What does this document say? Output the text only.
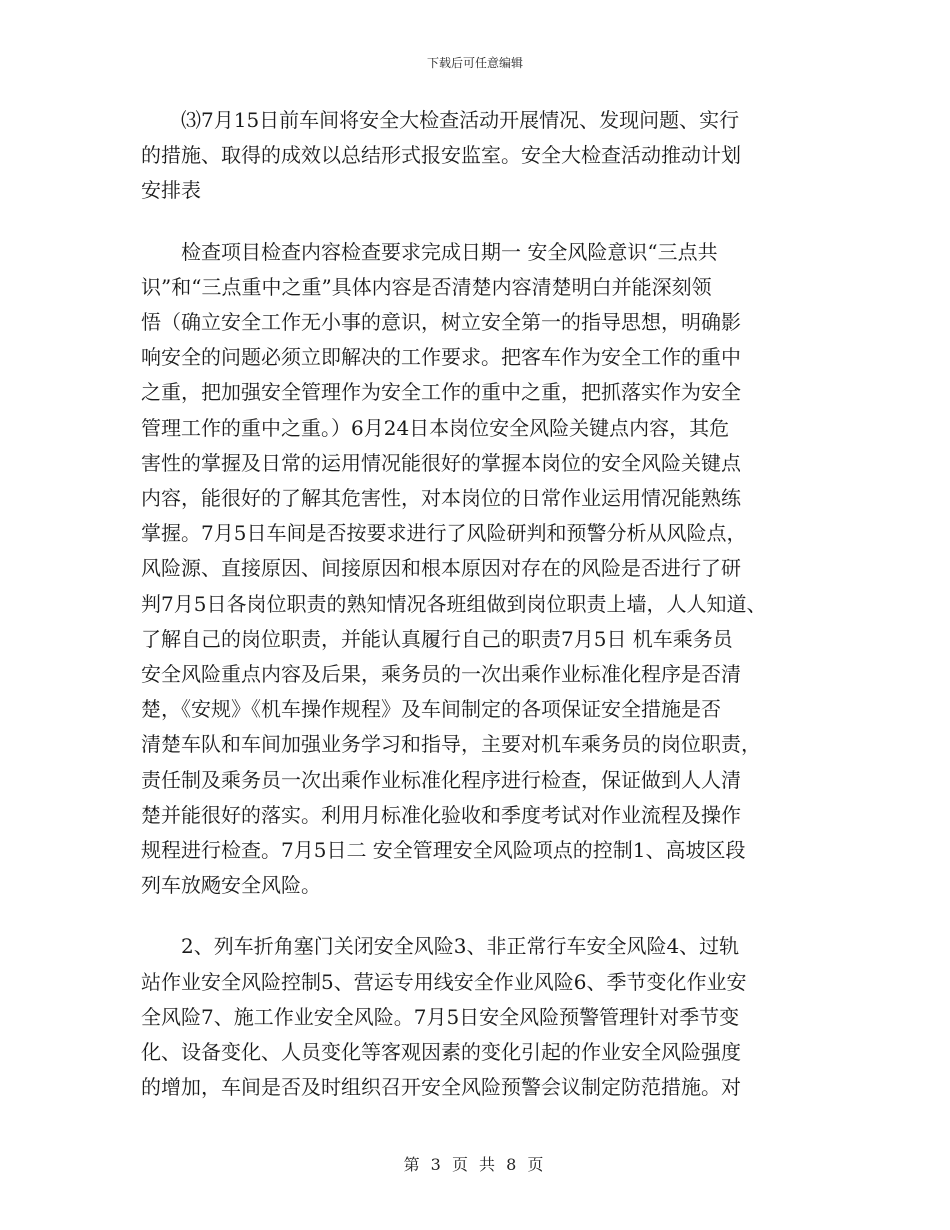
下载后可任意编辑
⑶7月15日前车间将安全大检查活动开展情况、发现问题、实行
的措施、取得的成效以总结形式报安监室。安全大检查活动推动计划
安排表
检查项目检查内容检查要求完成日期一 安全风险意识“三点共
识”和“三点重中之重”具体内容是否清楚内容清楚明白并能深刻领
悟（确立安全工作无小事的意识，树立安全第一的指导思想，明确影
响安全的问题必须立即解决的工作要求。把客车作为安全工作的重中
之重，把加强安全管理作为安全工作的重中之重，把抓落实作为安全
管理工作的重中之重。）6月24日本岗位安全风险关键点内容，其危
害性的掌握及日常的运用情况能很好的掌握本岗位的安全风险关键点
内容，能很好的了解其危害性，对本岗位的日常作业运用情况能熟练
掌握。7月5日车间是否按要求进行了风险研判和预警分析从风险点，
风险源、直接原因、间接原因和根本原因对存在的风险是否进行了研
判7月5日各岗位职责的熟知情况各班组做到岗位职责上墙，人人知道、
了解自己的岗位职责，并能认真履行自己的职责7月5日 机车乘务员
安全风险重点内容及后果，乘务员的一次出乘作业标准化程序是否清
楚，《安规》《机车操作规程》及车间制定的各项保证安全措施是否
清楚车队和车间加强业务学习和指导，主要对机车乘务员的岗位职责，
责任制及乘务员一次出乘作业标准化程序进行检查，保证做到人人清
楚并能很好的落实。利用月标准化验收和季度考试对作业流程及操作
规程进行检查。7月5日二 安全管理安全风险项点的控制1、高坡区段
列车放飏安全风险。
2、列车折角塞门关闭安全风险3、非正常行车安全风险4、过轨
站作业安全风险控制5、营运专用线安全作业风险6、季节变化作业安
全风险7、施工作业安全风险。7月5日安全风险预警管理针对季节变
化、设备变化、人员变化等客观因素的变化引起的作业安全风险强度
的增加，车间是否及时组织召开安全风险预警会议制定防范措施。对
第 3 页 共 8 页
